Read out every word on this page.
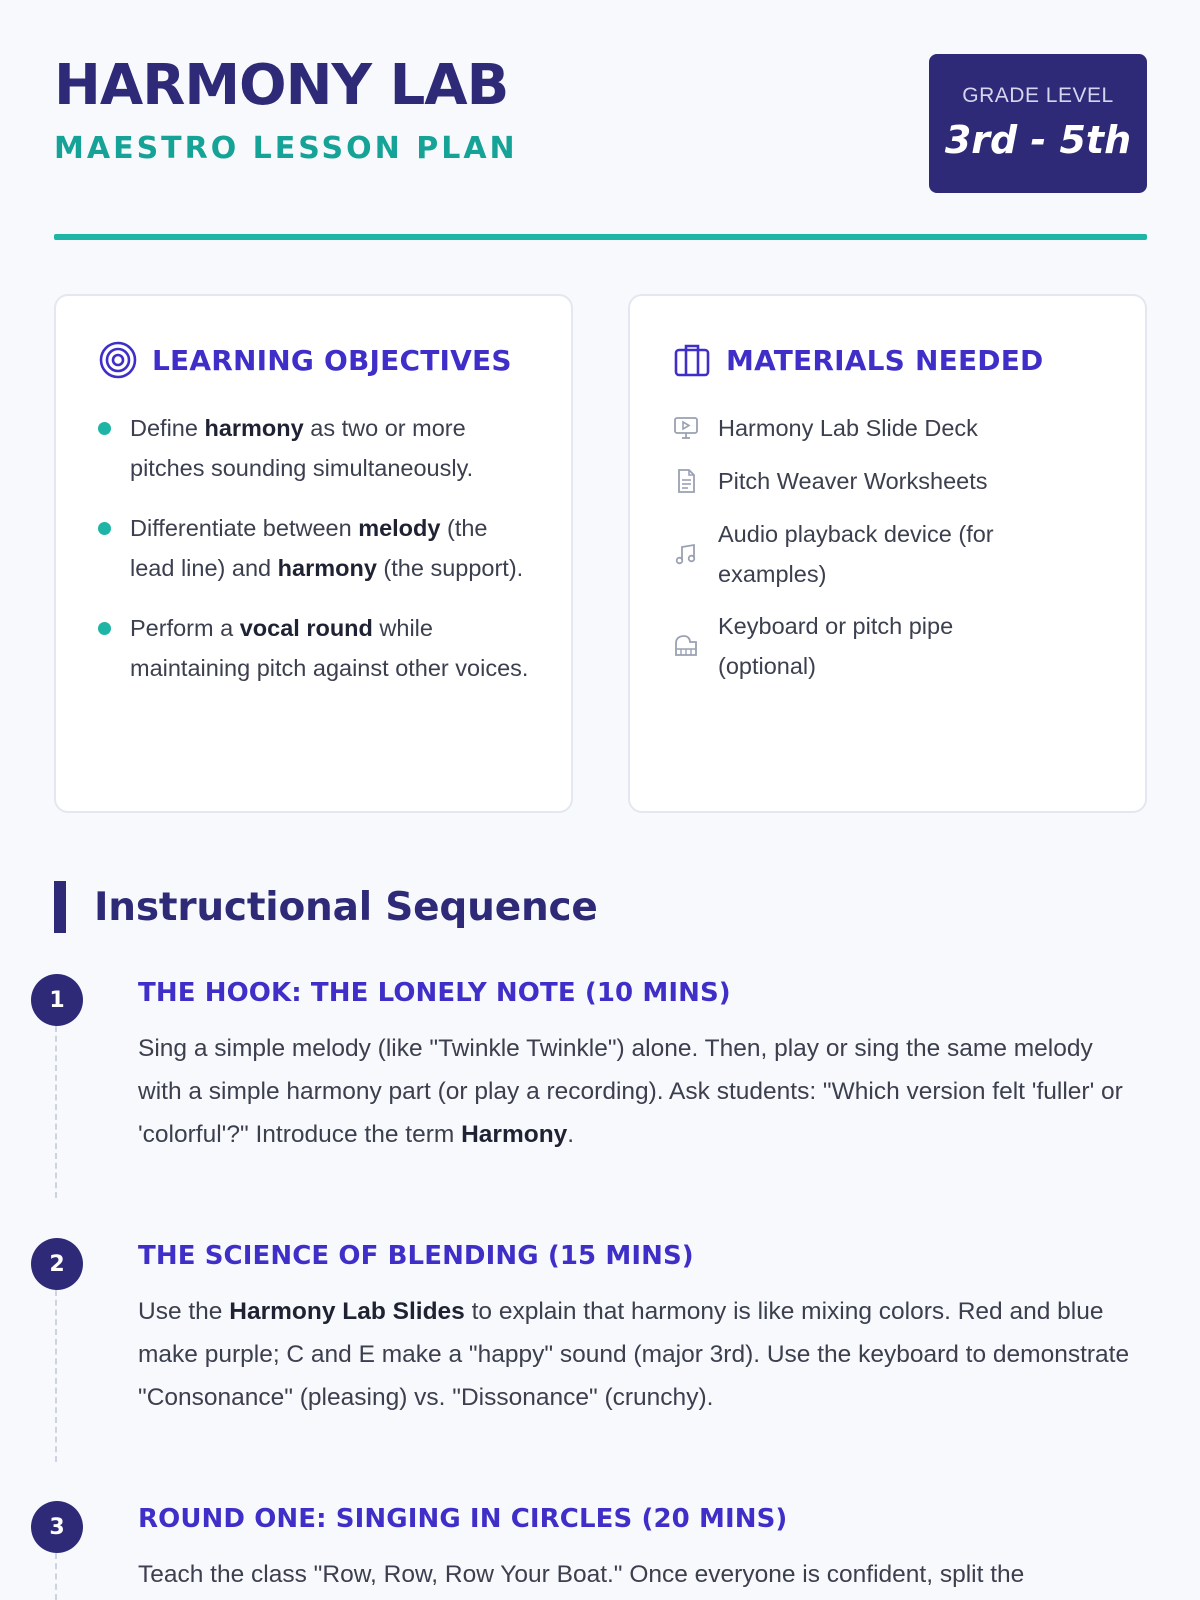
HARMONY LAB
MAESTRO LESSON PLAN
GRADE LEVEL
3rd - 5th
LEARNING OBJECTIVES
Define harmony as two or more pitches sounding simultaneously.
Differentiate between melody (the lead line) and harmony (the support).
Perform a vocal round while maintaining pitch against other voices.
MATERIALS NEEDED
Harmony Lab Slide Deck
Pitch Weaver Worksheets
Audio playback device (for examples)
Keyboard or pitch pipe (optional)
Instructional Sequence
1	THE HOOK: THE LONELY NOTE (10 MINS)
Sing a simple melody (like "Twinkle Twinkle") alone. Then, play or sing the same melody with a simple harmony part (or play a recording). Ask students: "Which version felt 'fuller' or 'colorful'?" Introduce the term Harmony.
2	THE SCIENCE OF BLENDING (15 MINS)
Use the Harmony Lab Slides to explain that harmony is like mixing colors. Red and blue make purple; C and E make a "happy" sound (major 3rd). Use the keyboard to demonstrate "Consonance" (pleasing) vs. "Dissonance" (crunchy).
3	ROUND ONE: SINGING IN CIRCLES (20 MINS)
Teach the class "Row, Row, Row Your Boat." Once everyone is confident, split the
